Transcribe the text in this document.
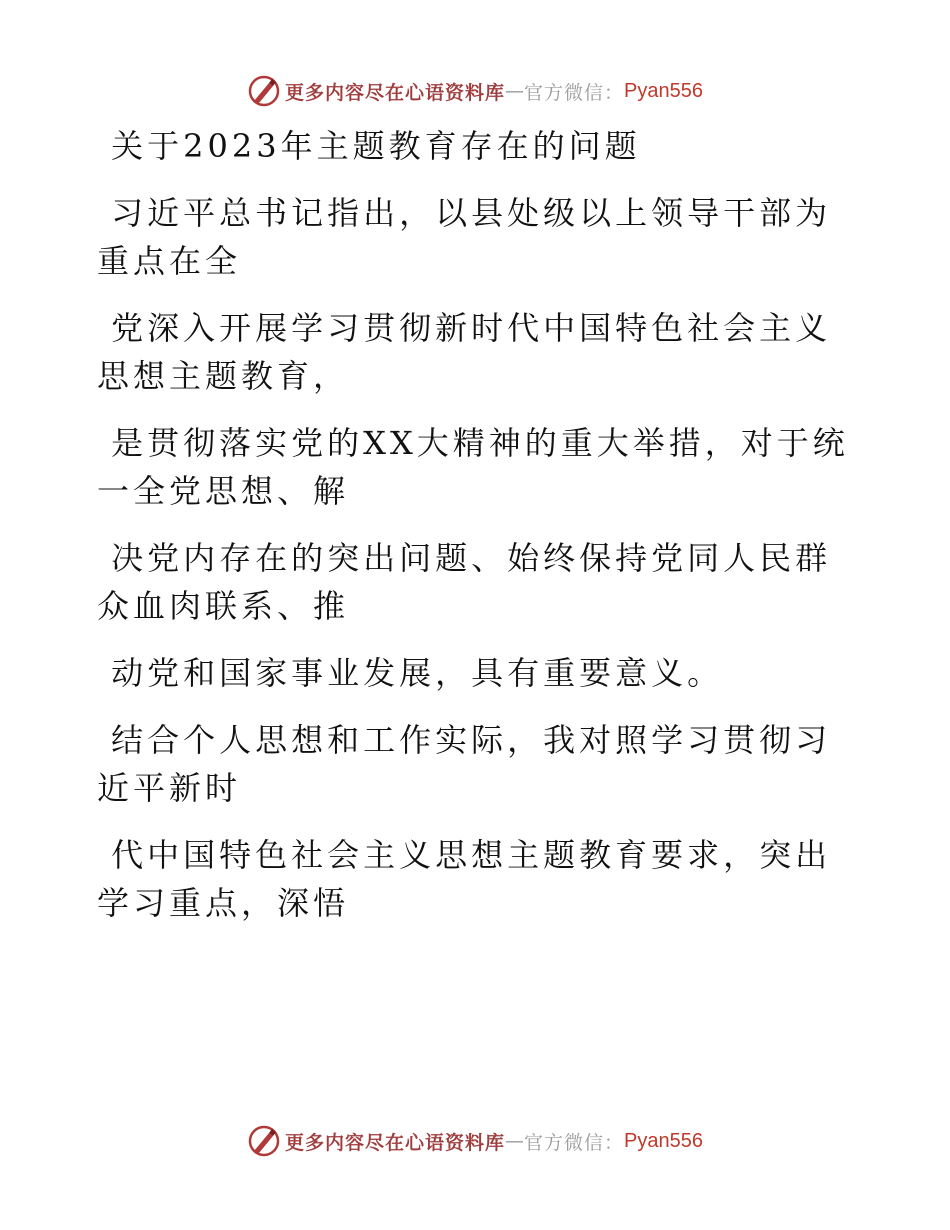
更多内容尽在心语资料库 — 官方微信： Pyan556

关于2023年主题教育存在的问题

习近平总书记指出，以县处级以上领导干部为重点在全

党深入开展学习贯彻新时代中国特色社会主义思想主题教育，

是贯彻落实党的XX大精神的重大举措，对于统一全党思想、解

决党内存在的突出问题、始终保持党同人民群众血肉联系、推

动党和国家事业发展，具有重要意义。

结合个人思想和工作实际，我对照学习贯彻习近平新时

代中国特色社会主义思想主题教育要求，突出学习重点，深悟

更多内容尽在心语资料库 — 官方微信： Pyan556
